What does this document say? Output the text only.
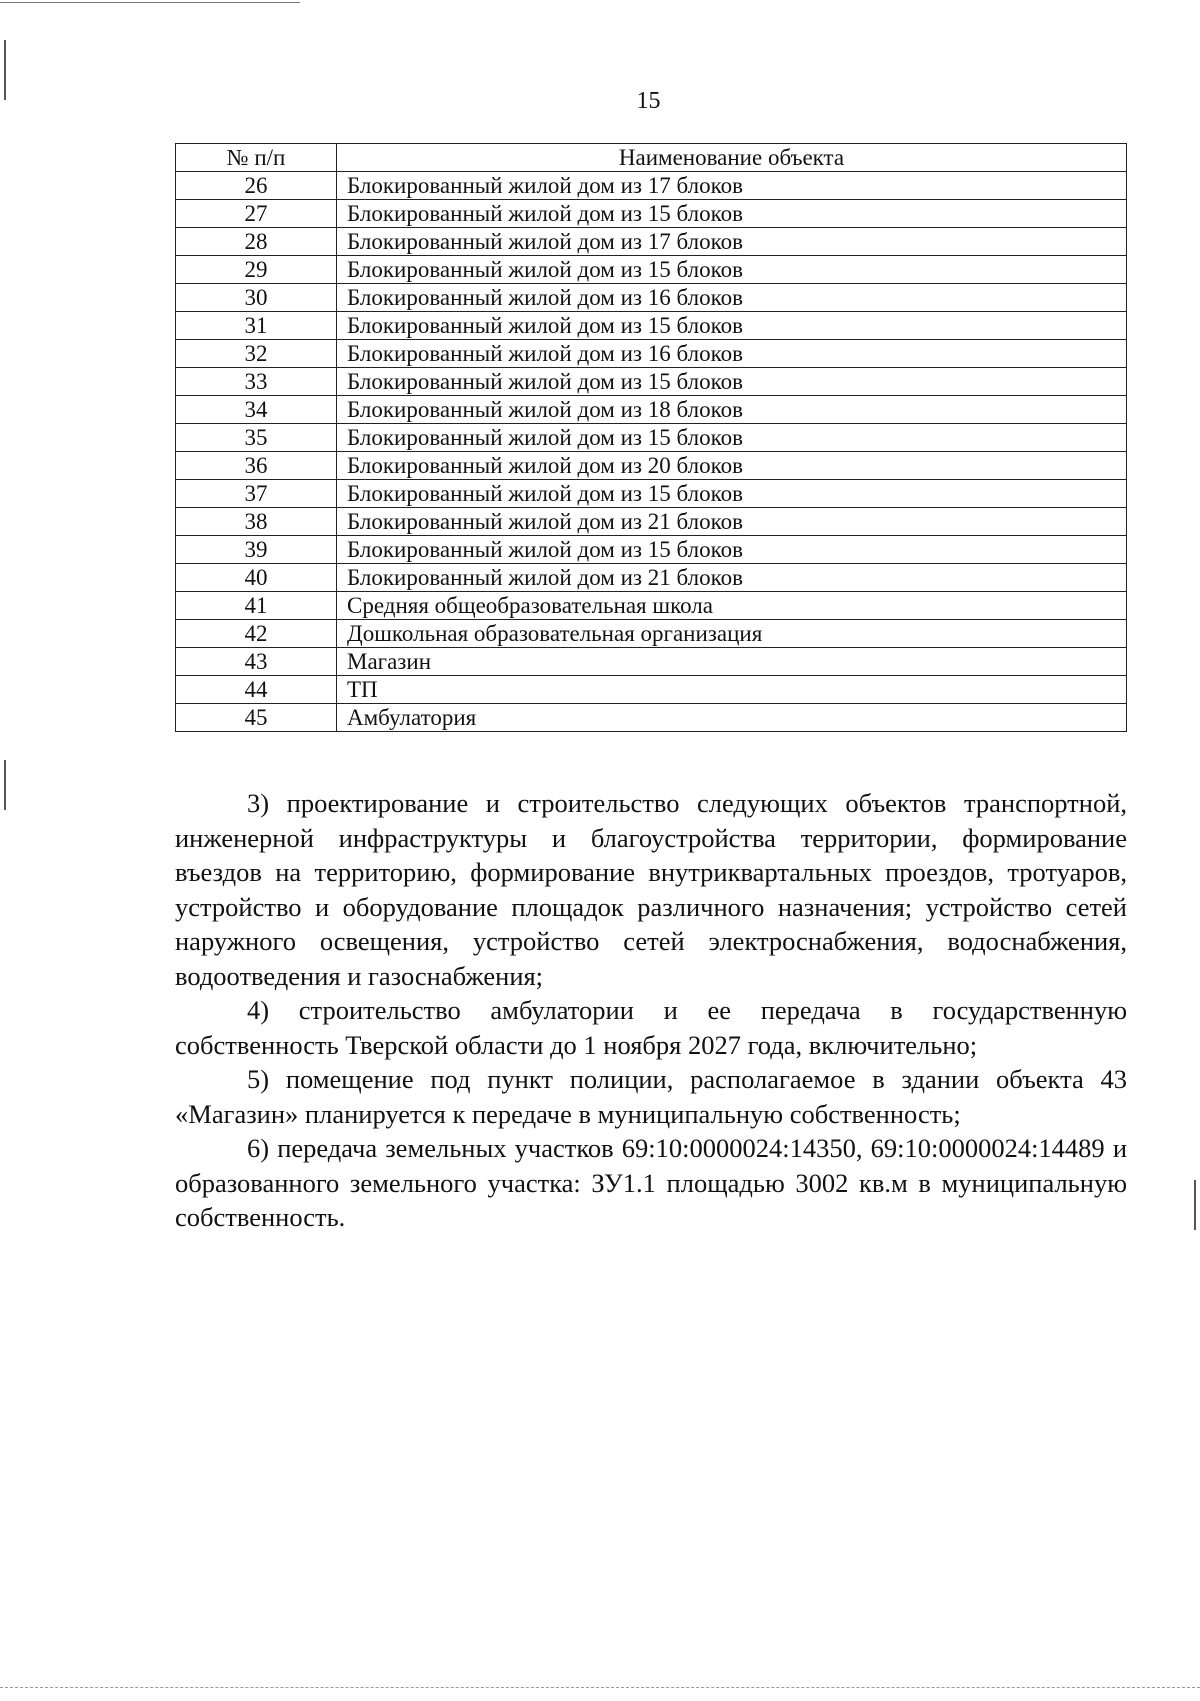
15
№ п/п	Наименование объекта
26	Блокированный жилой дом из 17 блоков
27	Блокированный жилой дом из 15 блоков
28	Блокированный жилой дом из 17 блоков
29	Блокированный жилой дом из 15 блоков
30	Блокированный жилой дом из 16 блоков
31	Блокированный жилой дом из 15 блоков
32	Блокированный жилой дом из 16 блоков
33	Блокированный жилой дом из 15 блоков
34	Блокированный жилой дом из 18 блоков
35	Блокированный жилой дом из 15 блоков
36	Блокированный жилой дом из 20 блоков
37	Блокированный жилой дом из 15 блоков
38	Блокированный жилой дом из 21 блоков
39	Блокированный жилой дом из 15 блоков
40	Блокированный жилой дом из 21 блоков
41	Средняя общеобразовательная школа
42	Дошкольная образовательная организация
43	Магазин
44	ТП
45	Амбулатория

3) проектирование и строительство следующих объектов транспортной, инженерной инфраструктуры и благоустройства территории, формирование въездов на территорию, формирование внутриквартальных проездов, тротуаров, устройство и оборудование площадок различного назначения; устройство сетей наружного освещения, устройство сетей электроснабжения, водоснабжения, водоотведения и газоснабжения;

4) строительство амбулатории и ее передача в государственную собственность Тверской области до 1 ноября 2027 года, включительно;

5) помещение под пункт полиции, располагаемое в здании объекта 43 «Магазин» планируется к передаче в муниципальную собственность;

6) передача земельных участков 69:10:0000024:14350, 69:10:0000024:14489 и образованного земельного участка: ЗУ1.1 площадью 3002 кв.м в муниципальную собственность.
